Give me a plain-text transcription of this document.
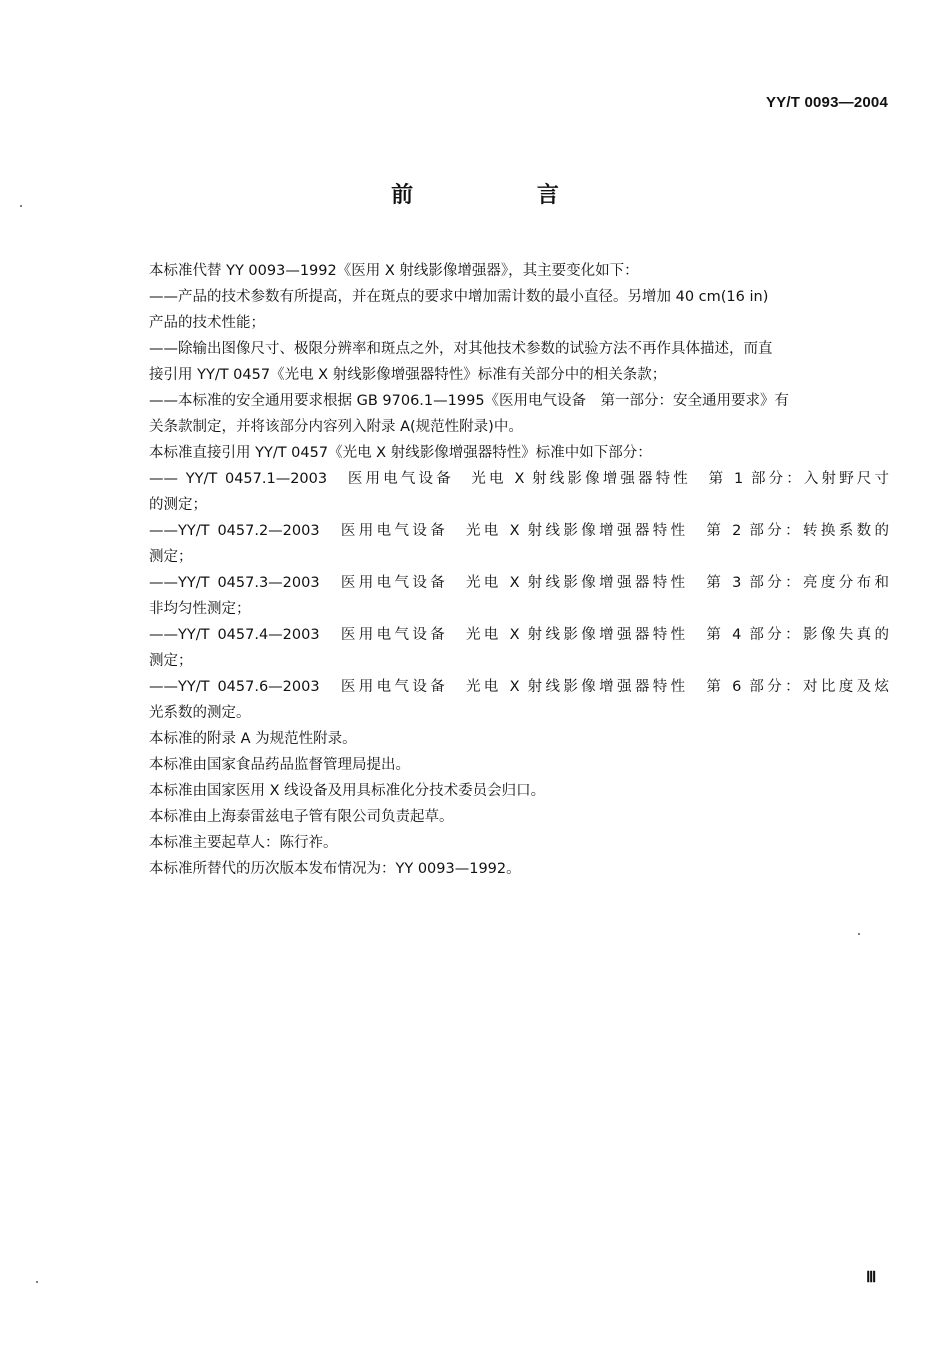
YY/T 0093—2004
前 言

本标准代替 YY 0093—1992《医用 X 射线影像增强器》，其主要变化如下：

——产品的技术参数有所提高，并在斑点的要求中增加需计数的最小直径。另增加 40 cm(16 in)
产品的技术性能；

——除输出图像尺寸、极限分辨率和斑点之外，对其他技术参数的试验方法不再作具体描述，而直
接引用 YY/T 0457《光电 X 射线影像增强器特性》标准有关部分中的相关条款；

——本标准的安全通用要求根据 GB 9706.1—1995《医用电气设备　第一部分：安全通用要求》有
关条款制定，并将该部分内容列入附录 A(规范性附录)中。

本标准直接引用 YY/T 0457《光电 X 射线影像增强器特性》标准中如下部分：

—— YY/T 0457.1—2003　医用电气设备　光电 X 射线影像增强器特性　第 1 部分：入射野尺寸
的测定；

——YY/T 0457.2—2003　医用电气设备　光电 X 射线影像增强器特性　第 2 部分：转换系数的
测定；

——YY/T 0457.3—2003　医用电气设备　光电 X 射线影像增强器特性　第 3 部分：亮度分布和
非均匀性测定；

——YY/T 0457.4—2003　医用电气设备　光电 X 射线影像增强器特性　第 4 部分：影像失真的
测定；

——YY/T 0457.6—2003　医用电气设备　光电 X 射线影像增强器特性　第 6 部分：对比度及炫
光系数的测定。

本标准的附录 A 为规范性附录。

本标准由国家食品药品监督管理局提出。

本标准由国家医用 X 线设备及用具标准化分技术委员会归口。

本标准由上海泰雷兹电子管有限公司负责起草。

本标准主要起草人：陈行祚。

本标准所替代的历次版本发布情况为：YY 0093—1992。

Ⅲ
